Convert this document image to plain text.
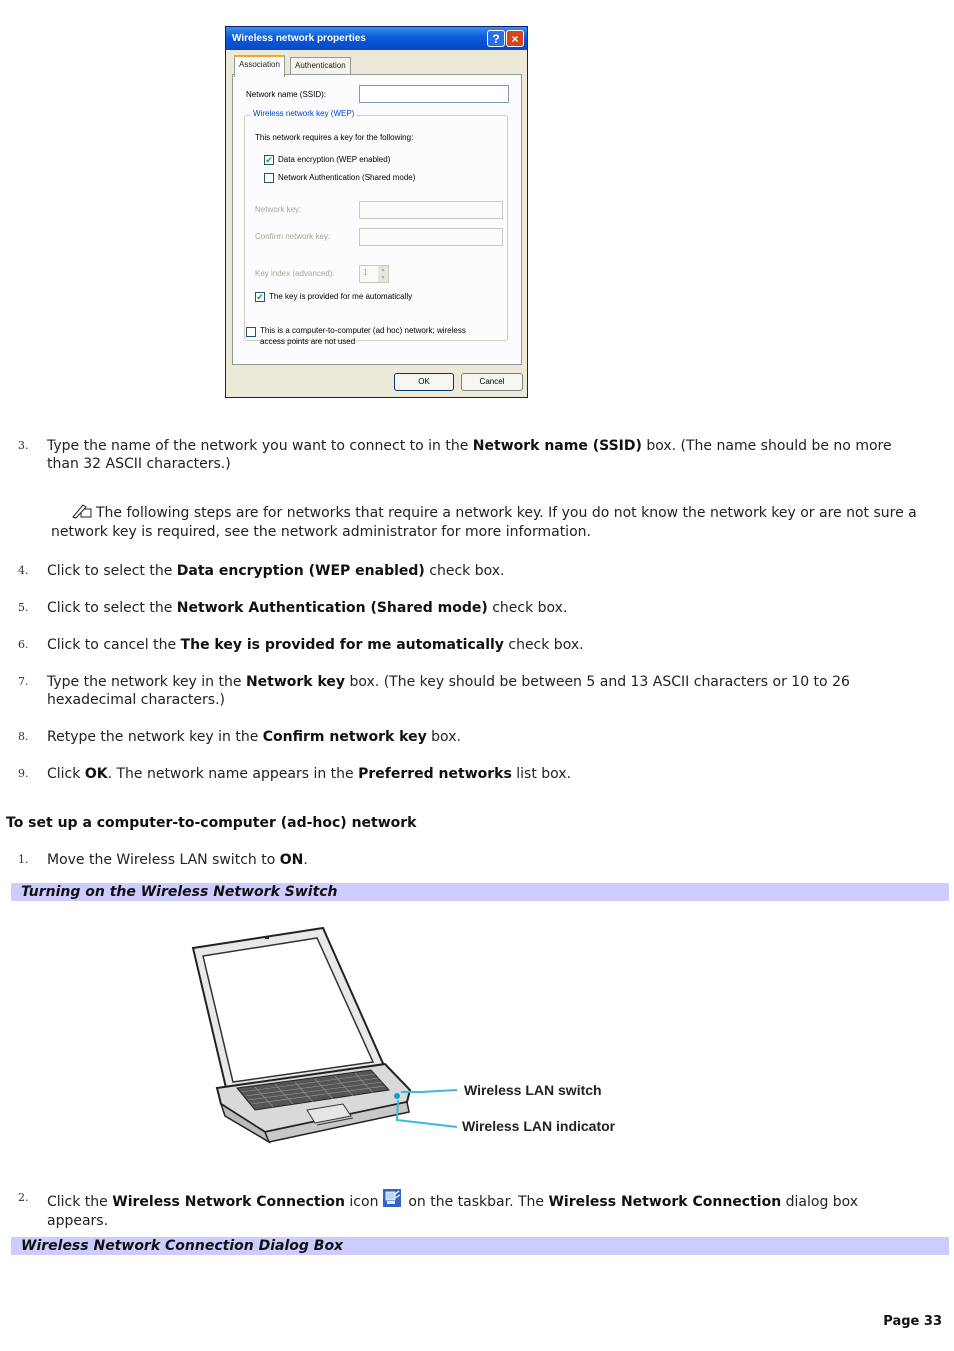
Wireless network properties	? ×
Association	Authentication
Network name (SSID):
Wireless network key (WEP)
This network requires a key for the following:
✔ Data encryption (WEP enabled)
Network Authentication (Shared mode)
Network key:
Confirm network key:
Key index (advanced):	1	▲
▼
✔ The key is provided for me automatically
This is a computer-to-computer (ad hoc) network; wireless
access points are not used
OK	Cancel
3. Type the name of the network you want to connect to in the Network name (SSID) box. (The name should be no more than 32 ASCII characters.)
The following steps are for networks that require a network key. If you do not know the network key or are not sure a network key is required, see the network administrator for more information.
4. Click to select the Data encryption (WEP enabled) check box.
5. Click to select the Network Authentication (Shared mode) check box.
6. Click to cancel the The key is provided for me automatically check box.
7. Type the network key in the Network key box. (The key should be between 5 and 13 ASCII characters or 10 to 26 hexadecimal characters.)
8. Retype the network key in the Confirm network key box.
9. Click OK. The network name appears in the Preferred networks list box.
To set up a computer-to-computer (ad-hoc) network
1. Move the Wireless LAN switch to ON.
Turning on the Wireless Network Switch
Wireless LAN switch
Wireless LAN indicator
2. Click the Wireless Network Connection icon  on the taskbar. The Wireless Network Connection dialog box appears.
Wireless Network Connection Dialog Box
Page 33
